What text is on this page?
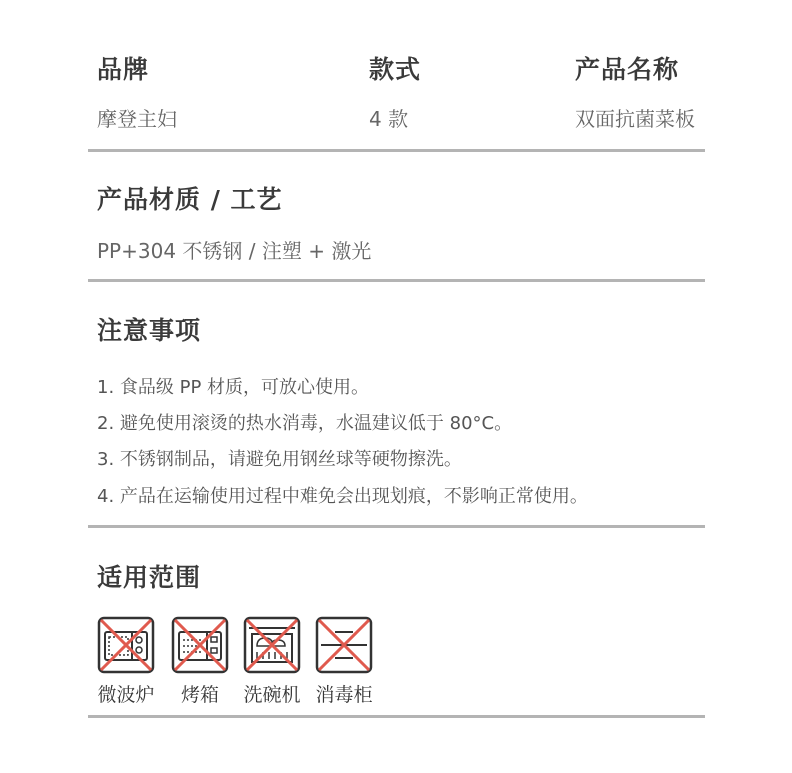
品牌
摩登主妇
款式
4 款
产品名称
双面抗菌菜板
产品材质 / 工艺
PP+304 不锈钢 / 注塑 + 激光
注意事项
1. 食品级 PP 材质，可放心使用。
2. 避免使用滚烫的热水消毒，水温建议低于 80°C。
3. 不锈钢制品，请避免用钢丝球等硬物擦洗。
4. 产品在运输使用过程中难免会出现划痕，不影响正常使用。
适用范围
微波炉	烤箱	洗碗机 消毒柜
